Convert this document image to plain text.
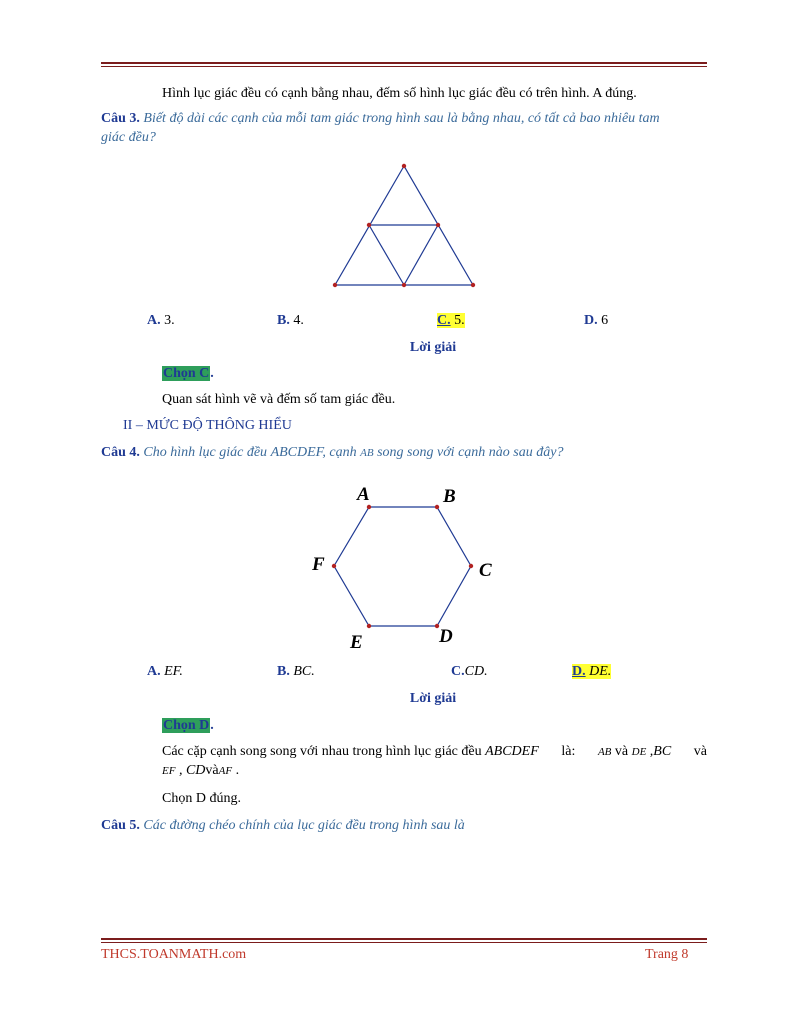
Hình lục giác đều có cạnh bằng nhau, đếm số hình lục giác đều có trên hình. A đúng.
Câu 3. Biết độ dài các cạnh của mỗi tam giác trong hình sau là bằng nhau, có tất cả bao nhiêu tam
giác đều?
A. 3.	B. 4.	C. 5.	D. 6
Lời giải
Chọn C.
Quan sát hình vẽ và đếm số tam giác đều.
II – MỨC ĐỘ THÔNG HIỂU
Câu 4. Cho hình lục giác đều ABCDEF, cạnh AB song song với cạnh nào sau đây?
A	B
C
D
E
F
A. EF.	B. BC.	C.CD.	D. DE.
Lời giải
Chọn D.
Các cặp cạnh song song với nhau trong hình lục giác đều ABCDEF là: AB và DE ,BC và
EF , CDvàAF .
Chọn D đúng.
Câu 5. Các đường chéo chính của lục giác đều trong hình sau là
THCS.TOANMATH.com	Trang 8
